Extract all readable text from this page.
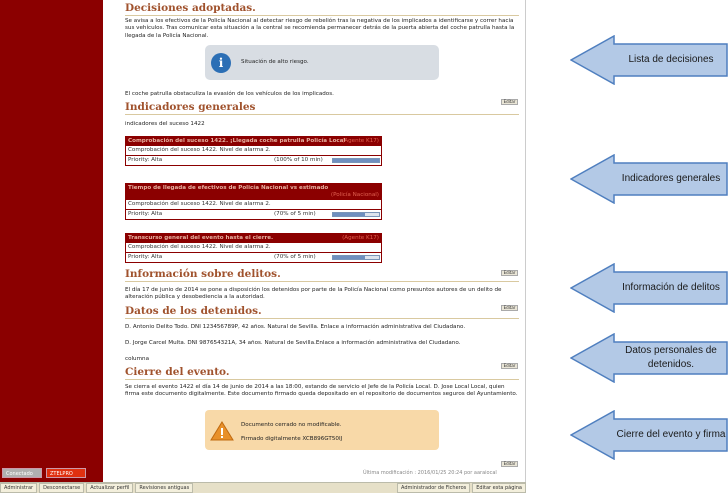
Conectado	ZTELPRO
Decisiones adoptadas.
Se avisa a los efectivos de la Policía Nacional al detectar riesgo de rebelión tras la negativa de los implicados a identificarse y correr hacia sus vehículos. Tras comunicar esta situación a la central se recomienda permanecer detrás de la puerta abierta del coche patrulla hasta la llegada de la Policía Nacional.
i	Situación de alto riesgo.
El coche patrulla obstaculiza la evasión de los vehículos de los implicados.
Editar
Indicadores generales
indicadores del suceso 1422
Comprobación del suceso 1422. ¡Llegada coche patrulla Policía Local
(Agente K17)
Comprobación del suceso 1422. Nivel de alarma 2.
Priority: Alta	(100% of 10 min)
Tiempo de llegada de efectivos de Policía Nacional vs estimado

(Policía Nacional)

Comprobación del suceso 1422. Nivel de alarma 2.
Priority: Alta	(70% of 5 min)
Transcurso general del evento hasta el cierre.	(Agente K17)
Comprobación del suceso 1422. Nivel de alarma 2.
Priority: Alta	(70% of 5 min)
Editar
Información sobre delitos.
El día 17 de junio de 2014 se pone a disposición los detenidos por parte de la Policía Nacional como presuntos autores de un delito de alteración pública y desobediencia a la autoridad.
Editar
Datos de los detenidos.
D. Antonio Delito Todo. DNI 123456789P, 42 años. Natural de Sevilla. Enlace a información administrativa del Ciudadano.
D. Jorge Carcel Multa. DNI 987654321A, 34 años. Natural de Sevilla.Enlace a información administrativa del Ciudadano.
columna
Editar
Cierre del evento.
Se cierra el evento 1422 el día 14 de junio de 2014 a las 18:00, estando de servicio el Jefe de la Policía Local. D. Jose Local Local, quien firma este documento digitalmente. Este documento firmado queda depositado en el repositorio de documentos seguros del Ayuntamiento.
Documento cerrado no modificable.
Firmado digitalmente XCB896GT50IJ
Editar
Última modificación : 2016/01/25 20:24 por aaraiocal
Administrar	Desconectarse	Actualizar perfil	Revisiones antiguas	Administrador de Ficheros	Editar esta página
Lista de decisiones
Indicadores generales
Información de delitos
Datos personales de detenidos.
Cierre del evento y firma
